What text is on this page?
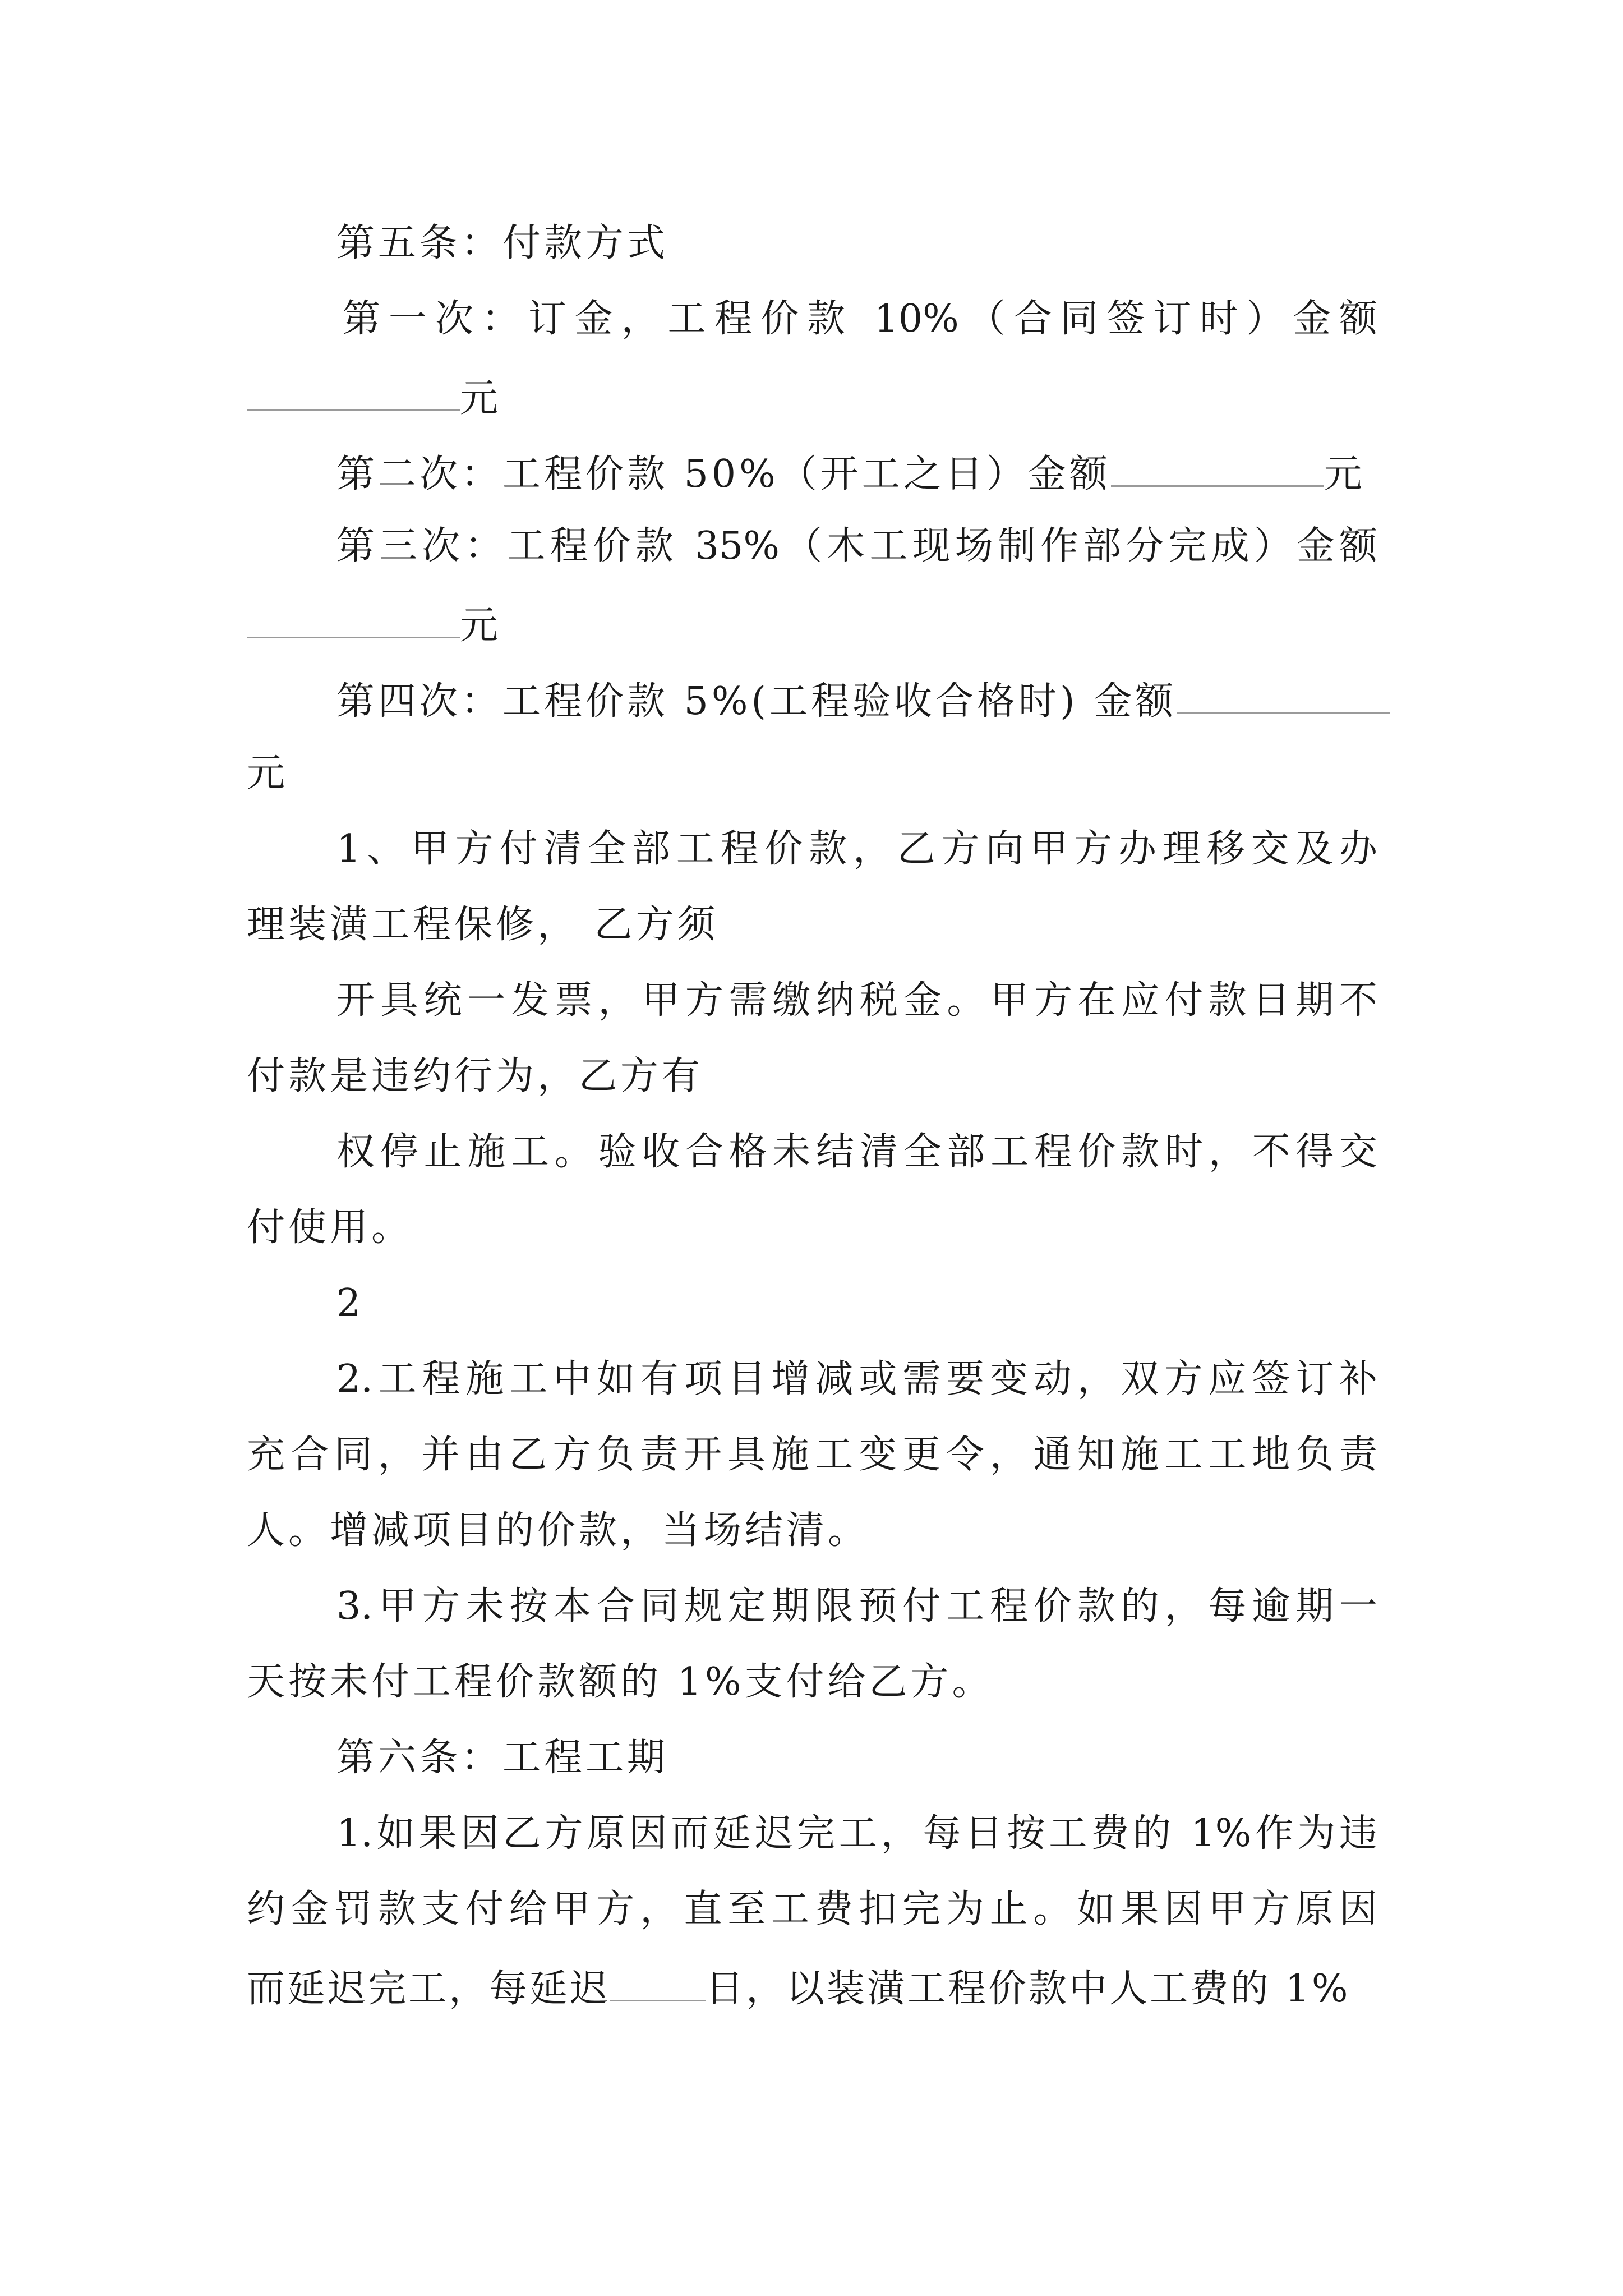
第五条：付款方式
第一次：订金，工程价款 10%（合同签订时）金额
元
第二次：工程价款 50%（开工之日）金额	元
第三次：工程价款 35%（木工现场制作部分完成）金额
元
第四次：工程价款 5%(工程验收合格时) 金额
元
1、甲方付清全部工程价款，乙方向甲方办理移交及办
理装潢工程保修， 乙方须
开具统一发票，甲方需缴纳税金。甲方在应付款日期不
付款是违约行为，乙方有
权停止施工。验收合格未结清全部工程价款时，不得交
付使用。
2
2.工程施工中如有项目增减或需要变动，双方应签订补
充合同，并由乙方负责开具施工变更令，通知施工工地负责
人。增减项目的价款，当场结清。
3.甲方未按本合同规定期限预付工程价款的，每逾期一
天按未付工程价款额的 1%支付给乙方。
第六条：工程工期
1.如果因乙方原因而延迟完工，每日按工费的 1%作为违
约金罚款支付给甲方，直至工费扣完为止。如果因甲方原因
而延迟完工，每延迟	日，以装潢工程价款中人工费的 1%
